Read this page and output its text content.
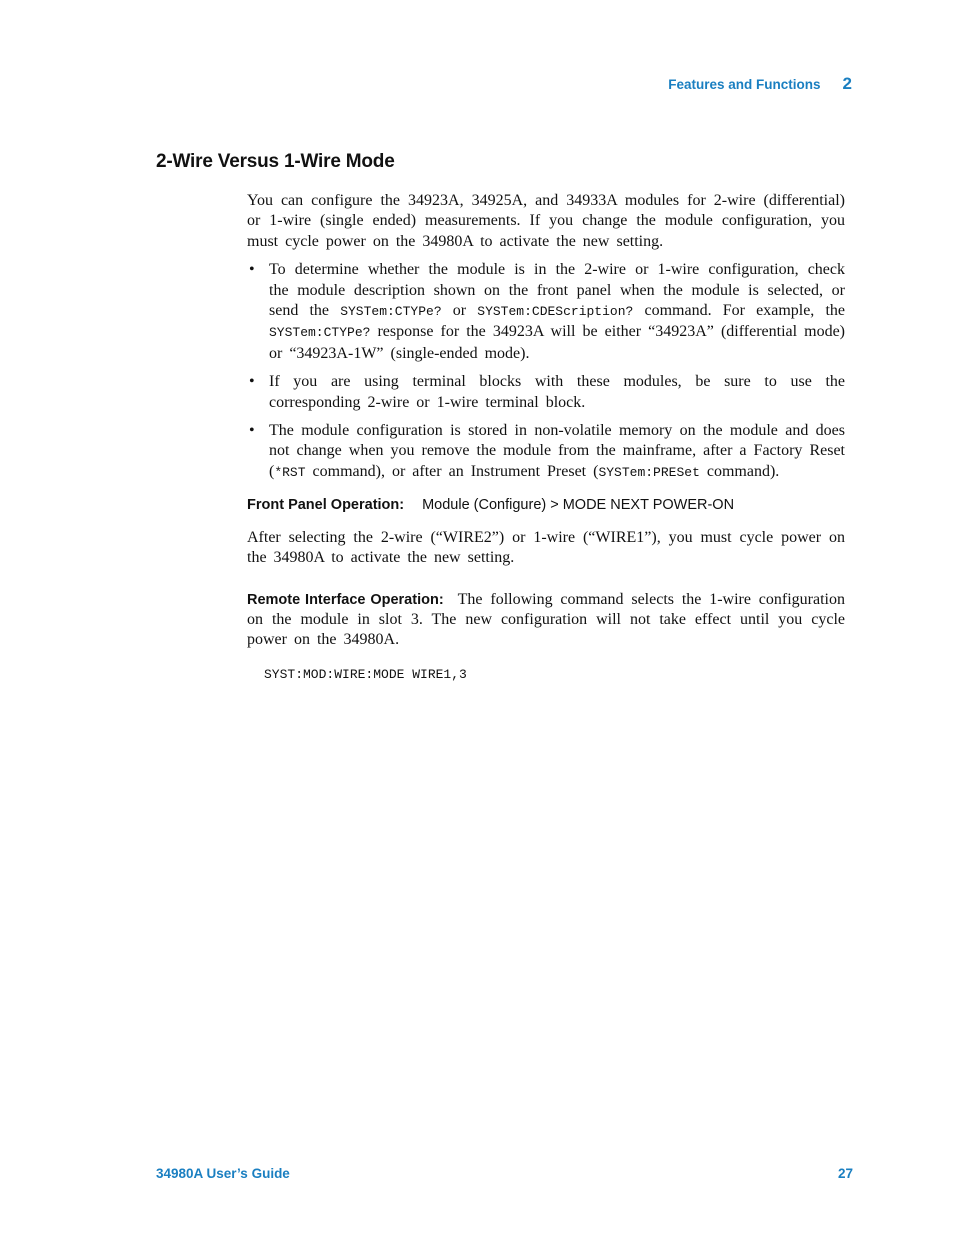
Features and Functions 2
2-Wire Versus 1-Wire Mode

You can configure the 34923A, 34925A, and 34933A modules for 2-wire (differential) or 1-wire (single ended) measurements. If you change the module configuration, you must cycle power on the 34980A to activate the new setting.

• To determine whether the module is in the 2-wire or 1-wire configuration, check the module description shown on the front panel when the module is selected, or send the SYSTem:CTYPe? or SYSTem:CDEScription? command. For example, the SYSTem:CTYPe? response for the 34923A will be either “34923A” (differential mode) or “34923A-1W” (single-ended mode).
• If you are using terminal blocks with these modules, be sure to use the corresponding 2-wire or 1-wire terminal block.
• The module configuration is stored in non-volatile memory on the module and does not change when you remove the module from the mainframe, after a Factory Reset (*RST command), or after an Instrument Preset (SYSTem:PRESet command).
Front Panel Operation: Module (Configure) > MODE NEXT POWER-ON

After selecting the 2-wire (“WIRE2”) or 1-wire (“WIRE1”), you must cycle power on the 34980A to activate the new setting.

Remote Interface Operation: The following command selects the 1-wire configuration on the module in slot 3. The new configuration will not take effect until you cycle power on the 34980A.

SYST:MOD:WIRE:MODE WIRE1,3
34980A User’s Guide	27
